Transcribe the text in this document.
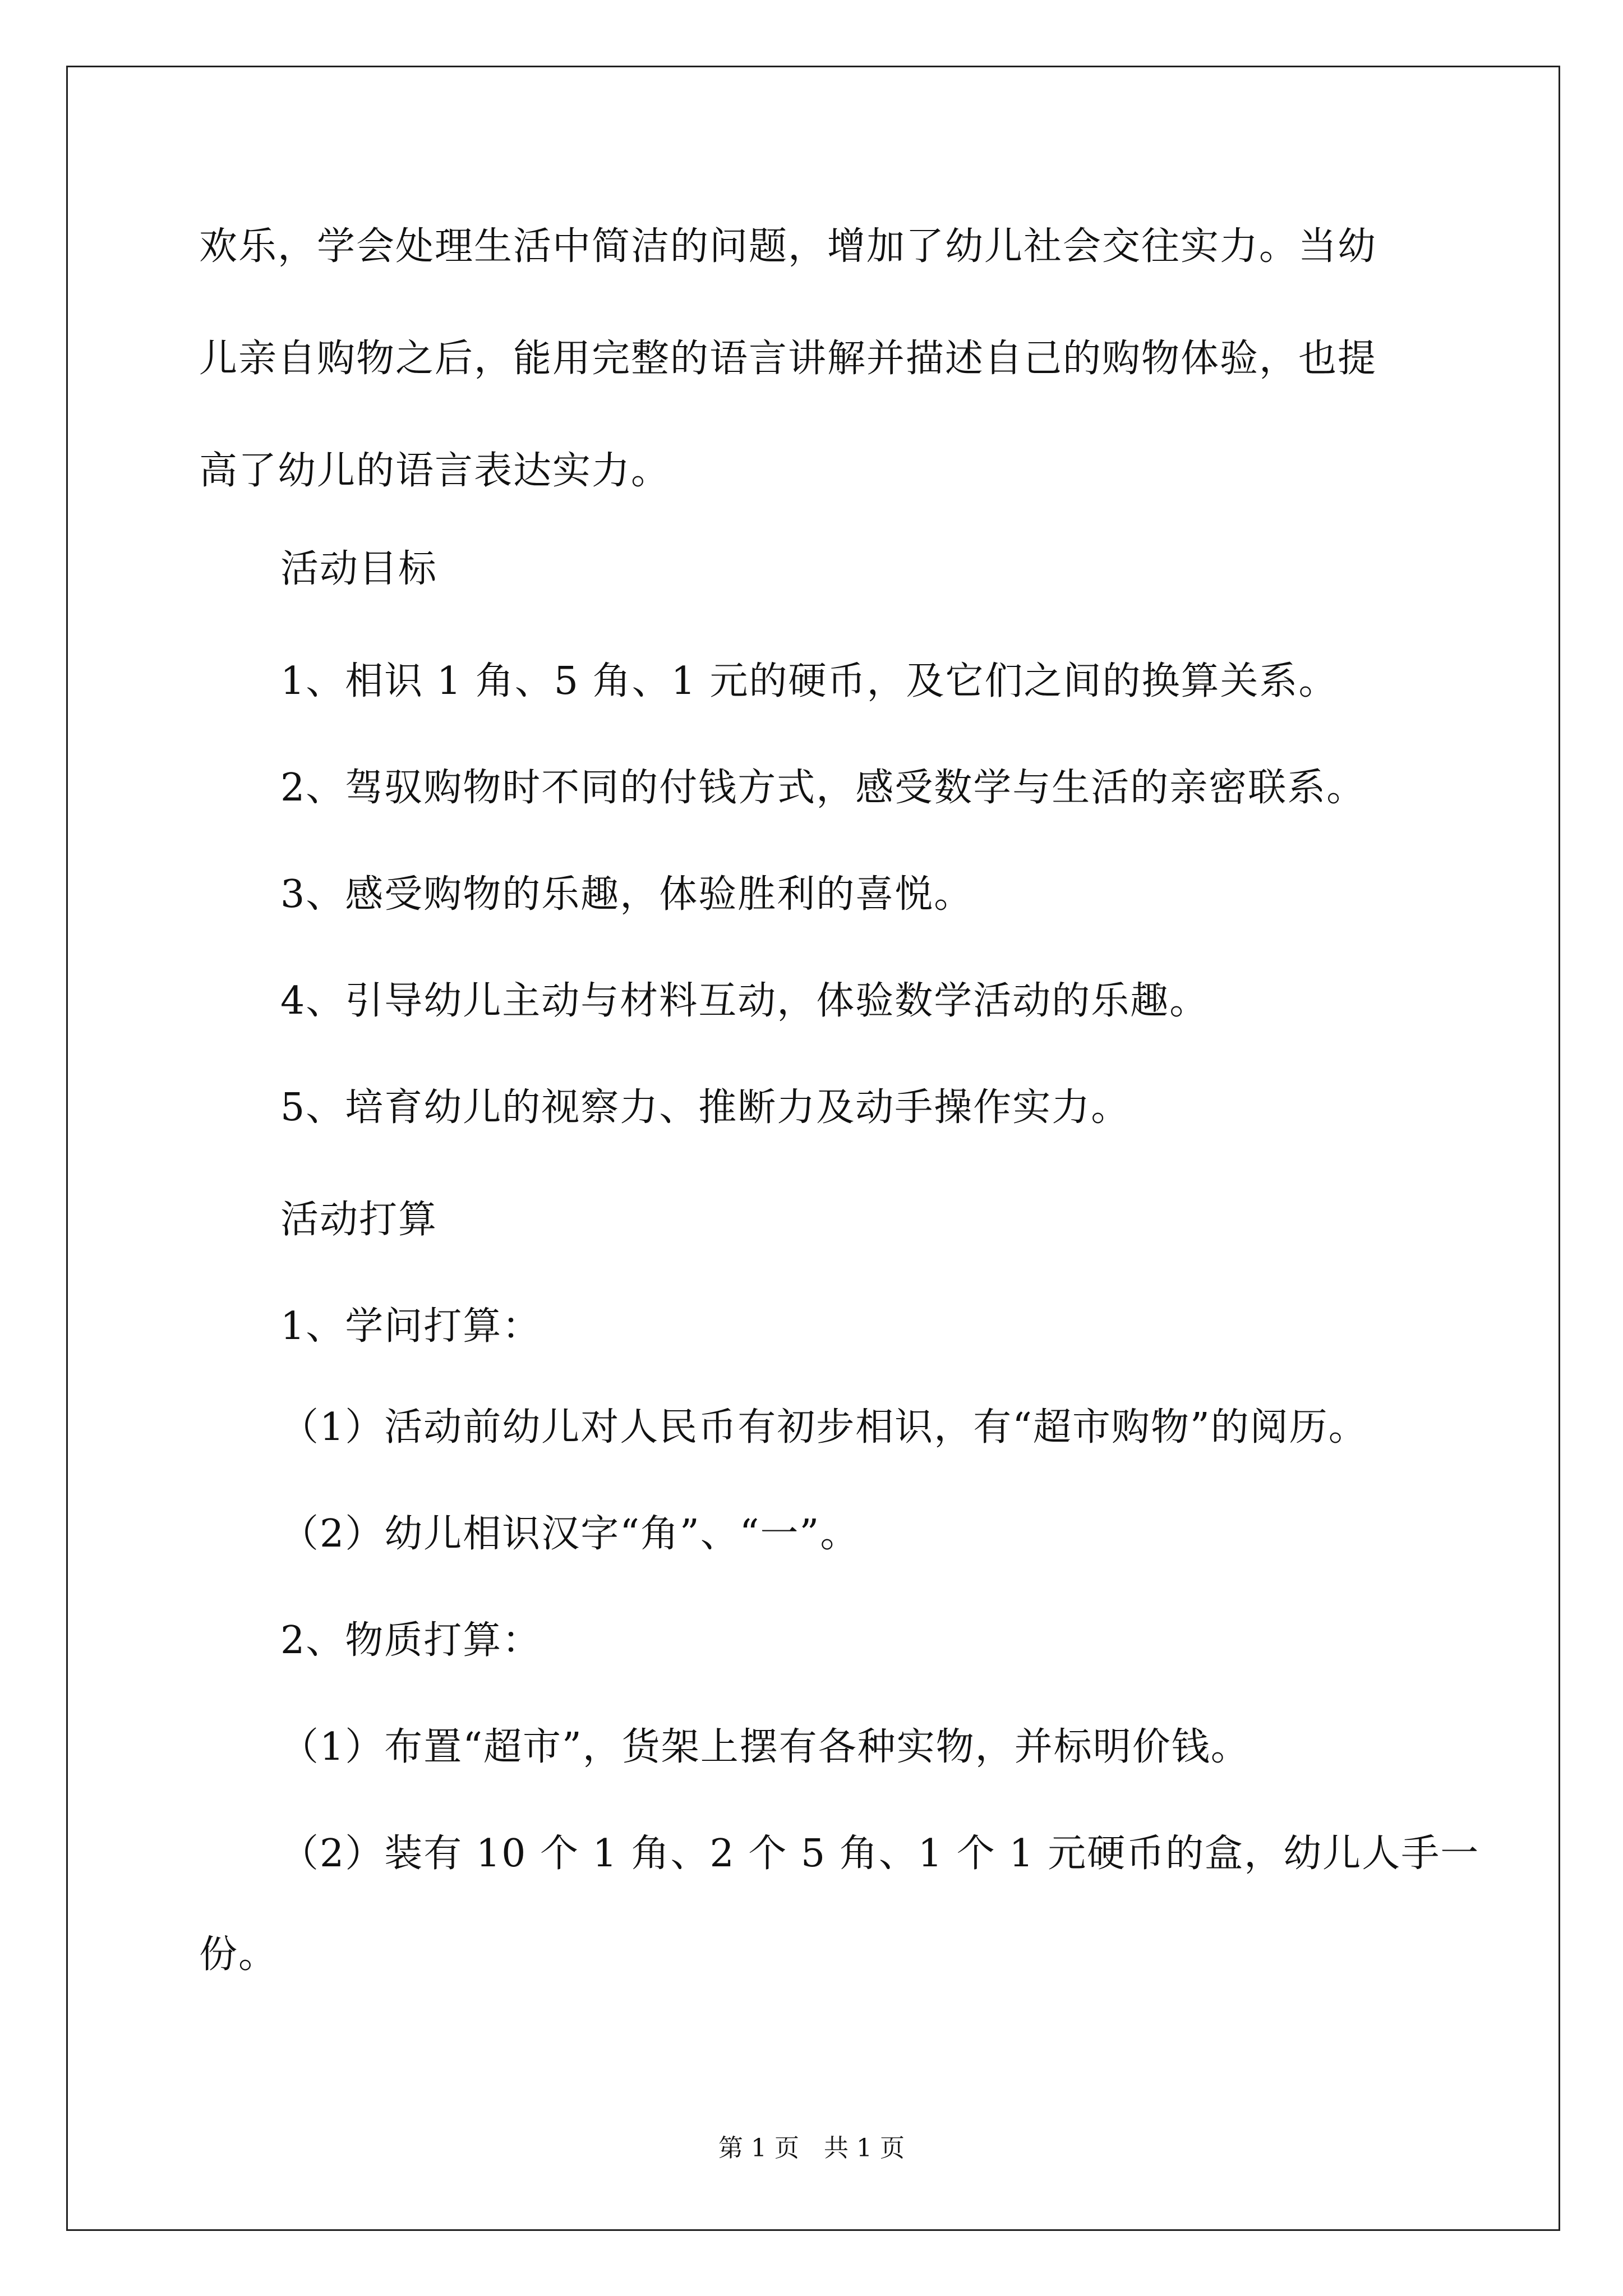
欢乐，学会处理生活中简洁的问题，增加了幼儿社会交往实力。当幼
儿亲自购物之后，能用完整的语言讲解并描述自己的购物体验，也提
高了幼儿的语言表达实力。
活动目标
1、相识 1 角、5 角、1 元的硬币，及它们之间的换算关系。
2、驾驭购物时不同的付钱方式，感受数学与生活的亲密联系。
3、感受购物的乐趣，体验胜利的喜悦。
4、引导幼儿主动与材料互动，体验数学活动的乐趣。
5、培育幼儿的视察力、推断力及动手操作实力。
活动打算
1、学问打算：
（1）活动前幼儿对人民币有初步相识，有“超市购物”的阅历。
（2）幼儿相识汉字“角”、“一”。
2、物质打算：
（1）布置“超市”，货架上摆有各种实物，并标明价钱。
（2）装有 10 个 1 角、2 个 5 角、1 个 1 元硬币的盒，幼儿人手一
份。
第 1 页　共 1 页
